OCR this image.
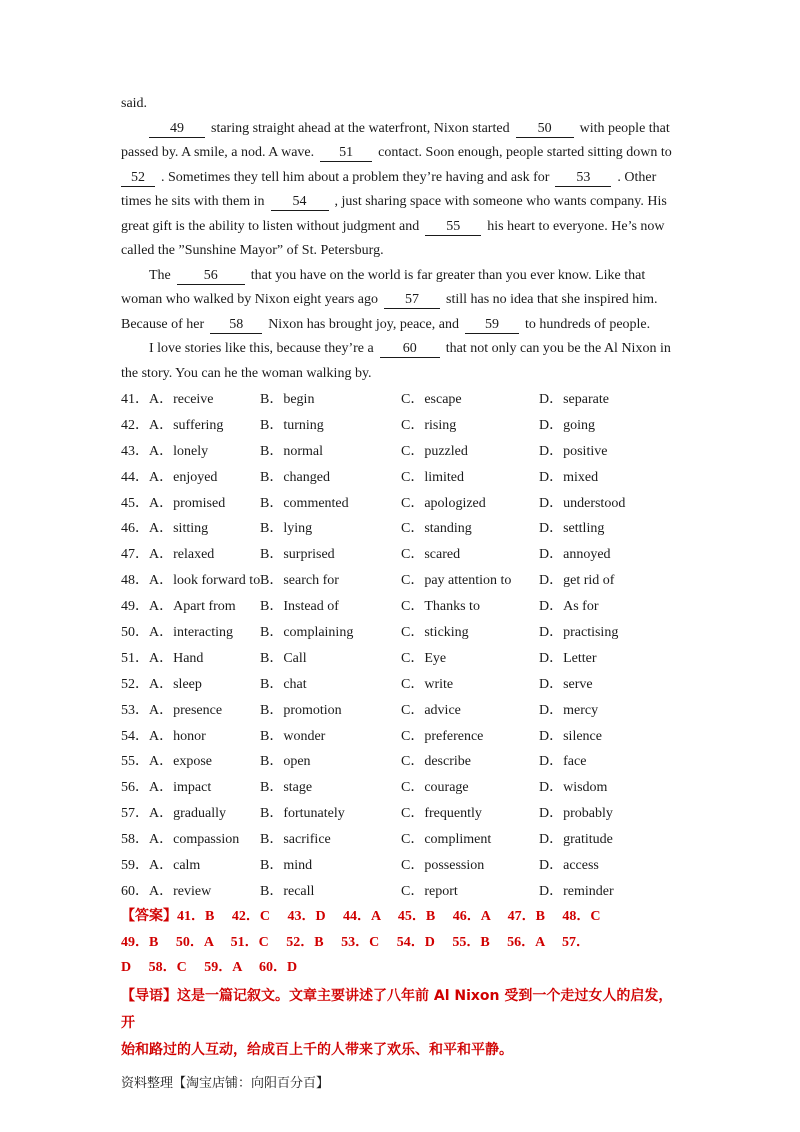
said.
49 staring straight ahead at the waterfront, Nixon started 50 with people that
passed by. A smile, a nod. A wave. 51 contact. Soon enough, people started sitting down to
52 . Sometimes they tell him about a problem they’re having and ask for 53 . Other
times he sits with them in 54 , just sharing space with someone who wants company. His
great gift is the ability to listen without judgment and 55 his heart to everyone. He’s now
called the ”Sunshine Mayor” of St. Petersburg.
The 56 that you have on the world is far greater than you ever know. Like that
woman who walked by Nixon eight years ago 57 still has no idea that she inspired him.
Because of her 58 Nixon has brought joy, peace, and 59 to hundreds of people.
I love stories like this, because they’re a 60 that not only can you be the Al Nixon in
the story. You can he the woman walking by.
41．A．receive	B．begin	C．escape	D．separate
42．A．suffering	B．turning	C．rising	D．going
43．A．lonely	B．normal	C．puzzled	D．positive
44．A．enjoyed	B．changed	C．limited	D．mixed
45．A．promised B．commented	C．apologized	D．understood
46．A．sitting	B．lying	C．standing	D．settling
47．A．relaxed	B．surprised	C．scared	D．annoyed
48．A．look forward to B．search for	C．pay attention to D．get rid of
49．A．Apart from B．Instead of	C．Thanks to	D．As for
50．A．interacting B．complaining	C．sticking	D．practising
51．A．Hand	B．Call	C．Eye	D．Letter
52．A．sleep	B．chat	C．write	D．serve
53．A．presence	B．promotion	C．advice	D．mercy
54．A．honor	B．wonder	C．preference	D．silence
55．A．expose	B．open	C．describe	D．face
56．A．impact	B．stage	C．courage	D．wisdom
57．A．gradually B．fortunately	C．frequently	D．probably
58．A．compassion B．sacrifice	C．compliment	D．gratitude
59．A．calm	B．mind	C．possession	D．access
60．A．review	B．recall	C．report	D．reminder
【答案】41．B　 42．C　 43．D　 44．A　 45．B　 46．A　 47．B　 48．C
49．B　 50．A　 51．C　 52．B　 53．C　 54．D　 55．B　 56．A　 57．
D　 58．C　 59．A　 60．D
【导语】这是一篇记叙文。文章主要讲述了八年前 Al Nixon 受到一个走过女人的启发，开
始和路过的人互动，给成百上千的人带来了欢乐、和平和平静。
资料整理【淘宝店铺：向阳百分百】
